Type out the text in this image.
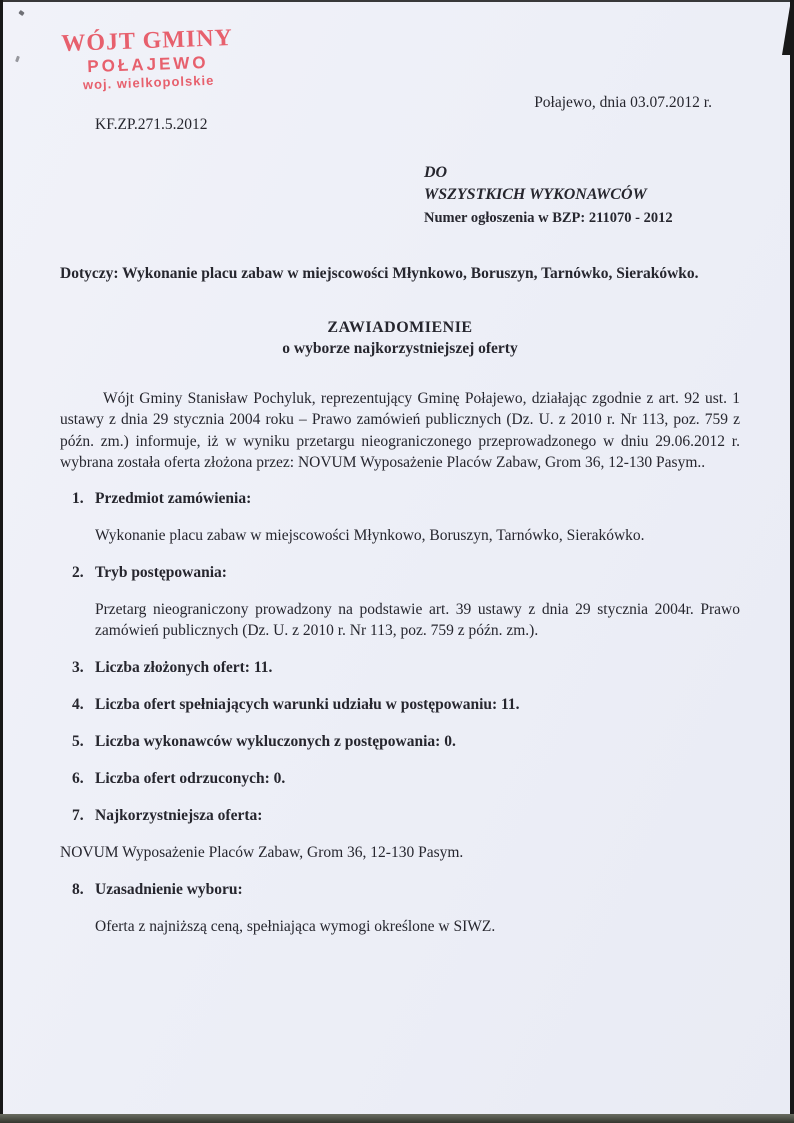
WÓJT GMINY
POŁAJEWO
woj. wielkopolskie
Połajewo, dnia 03.07.2012 r.
KF.ZP.271.5.2012
DO
WSZYSTKICH WYKONAWCÓW
Numer ogłoszenia w BZP: 211070 - 2012

Dotyczy: Wykonanie placu zabaw w miejscowości Młynkowo, Boruszyn, Tarnówko, Sierakówko.

ZAWIADOMIENIE
o wyborze najkorzystniejszej oferty

Wójt Gminy Stanisław Pochyluk, reprezentujący Gminę Połajewo, działając zgodnie z art. 92 ust. 1 ustawy z dnia 29 stycznia 2004 roku – Prawo zamówień publicznych (Dz. U. z 2010 r. Nr 113, poz. 759 z późn. zm.) informuje, iż w wyniku przetargu nieograniczonego przeprowadzonego w dniu 29.06.2012 r. wybrana została oferta złożona przez: NOVUM Wyposażenie Placów Zabaw, Grom 36, 12-130 Pasym..

1. Przedmiot zamówienia:
Wykonanie placu zabaw w miejscowości Młynkowo, Boruszyn, Tarnówko, Sierakówko.
2. Tryb postępowania:
Przetarg nieograniczony prowadzony na podstawie art. 39 ustawy z dnia 29 stycznia 2004r. Prawo zamówień publicznych (Dz. U. z 2010 r. Nr 113, poz. 759 z późn. zm.).
3. Liczba złożonych ofert: 11.
4. Liczba ofert spełniających warunki udziału w postępowaniu: 11.
5. Liczba wykonawców wykluczonych z postępowania: 0.
6. Liczba ofert odrzuconych: 0.
7. Najkorzystniejsza oferta:
NOVUM Wyposażenie Placów Zabaw, Grom 36, 12-130 Pasym.
8. Uzasadnienie wyboru:
Oferta z najniższą ceną, spełniająca wymogi określone w SIWZ.
